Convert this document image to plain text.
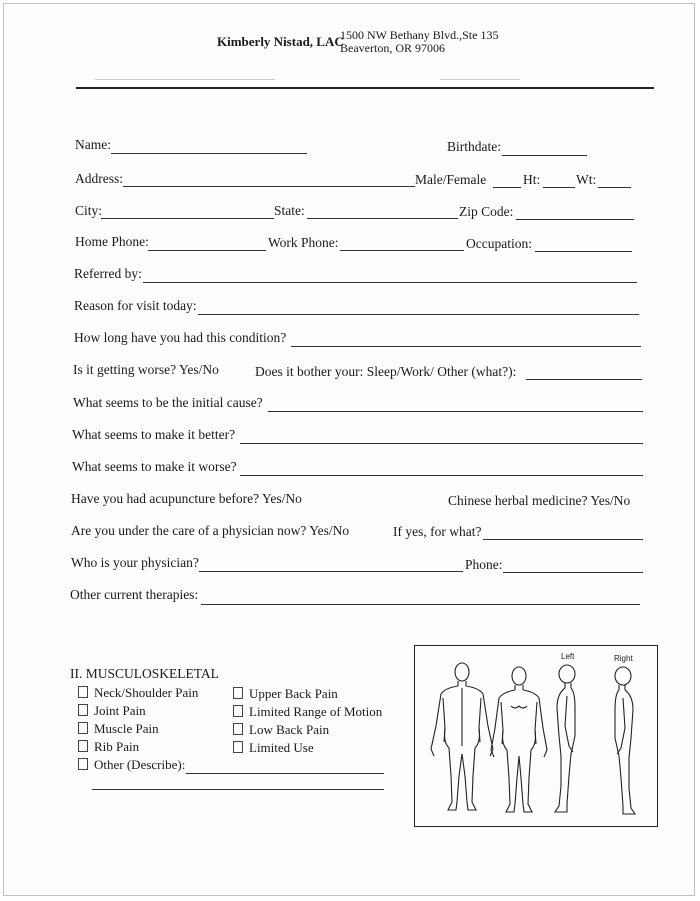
Kimberly Nistad, LAC
1500 NW Bethany Blvd.,Ste 135
Beaverton, OR 97006
Name:	Birthdate:
Address:	Male/Female	Ht:	Wt:
City:	State:	Zip Code:
Home Phone:	Work Phone:	Occupation:
Referred by:
Reason for visit today:
How long have you had this condition?
Is it getting worse? Yes/No	Does it bother your: Sleep/Work/ Other (what?):
What seems to be the initial cause?
What seems to make it better?
What seems to make it worse?
Have you had acupuncture before? Yes/No	Chinese herbal medicine? Yes/No
Are you under the care of a physician now? Yes/No	If yes, for what?
Who is your physician?	Phone:
Other current therapies:
II. MUSCULOSKELETAL
Neck/Shoulder Pain
Joint Pain
Muscle Pain
Rib Pain
Other (Describe):
Upper Back Pain
Limited Range of Motion
Low Back Pain
Limited Use
Left	Right
